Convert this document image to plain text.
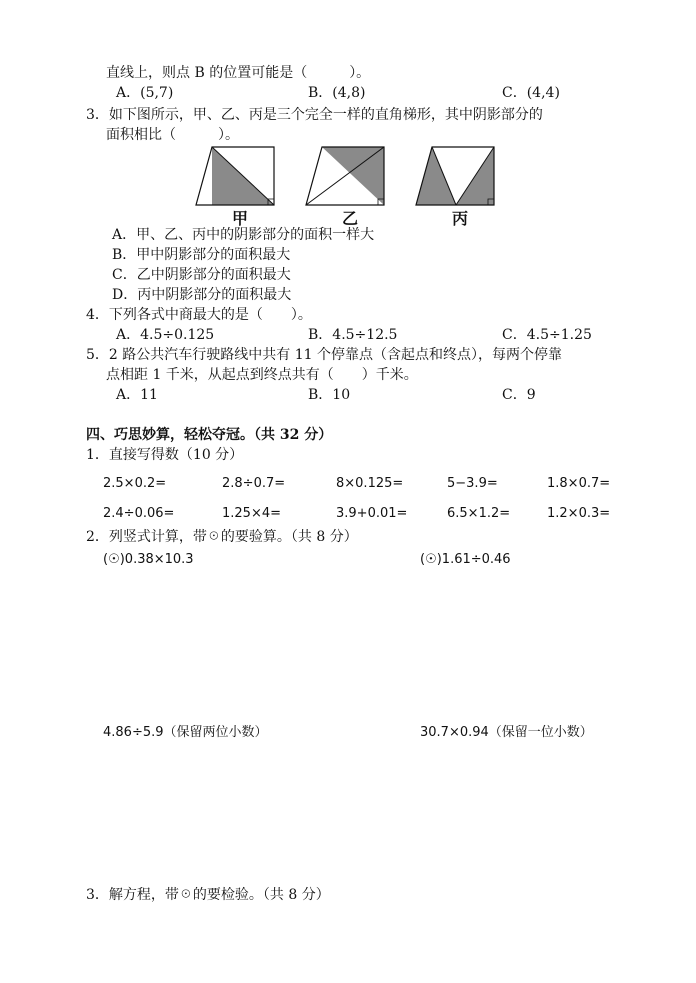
直线上，则点 B 的位置可能是（　　　）。
A．(5,7)	B．(4,8)	C．(4,4)
3．如下图所示，甲、乙、丙是三个完全一样的直角梯形，其中阴影部分的
面积相比（　　　）。
甲	乙	丙
A．甲、乙、丙中的阴影部分的面积一样大
B．甲中阴影部分的面积最大
C．乙中阴影部分的面积最大
D．丙中阴影部分的面积最大
4．下列各式中商最大的是（　　）。
A．4.5÷0.125	B．4.5÷12.5	C．4.5÷1.25
5．2 路公共汽车行驶路线中共有 11 个停靠点（含起点和终点），每两个停靠
点相距 1 千米，从起点到终点共有（　　）千米。
A．11	B．10	C．9
四、巧思妙算，轻松夺冠。（共 32 分）
1．直接写得数（10 分）
2.5×0.2=	2.8÷0.7=	8×0.125=	5−3.9=	1.8×0.7=
2.4÷0.06=	1.25×4=	3.9+0.01=	6.5×1.2=	1.2×0.3=
2．列竖式计算，带☉的要验算。（共 8 分）
(☉)0.38×10.3	(☉)1.61÷0.46
4.86÷5.9（保留两位小数）	30.7×0.94（保留一位小数）
3．解方程，带☉的要检验。（共 8 分）
